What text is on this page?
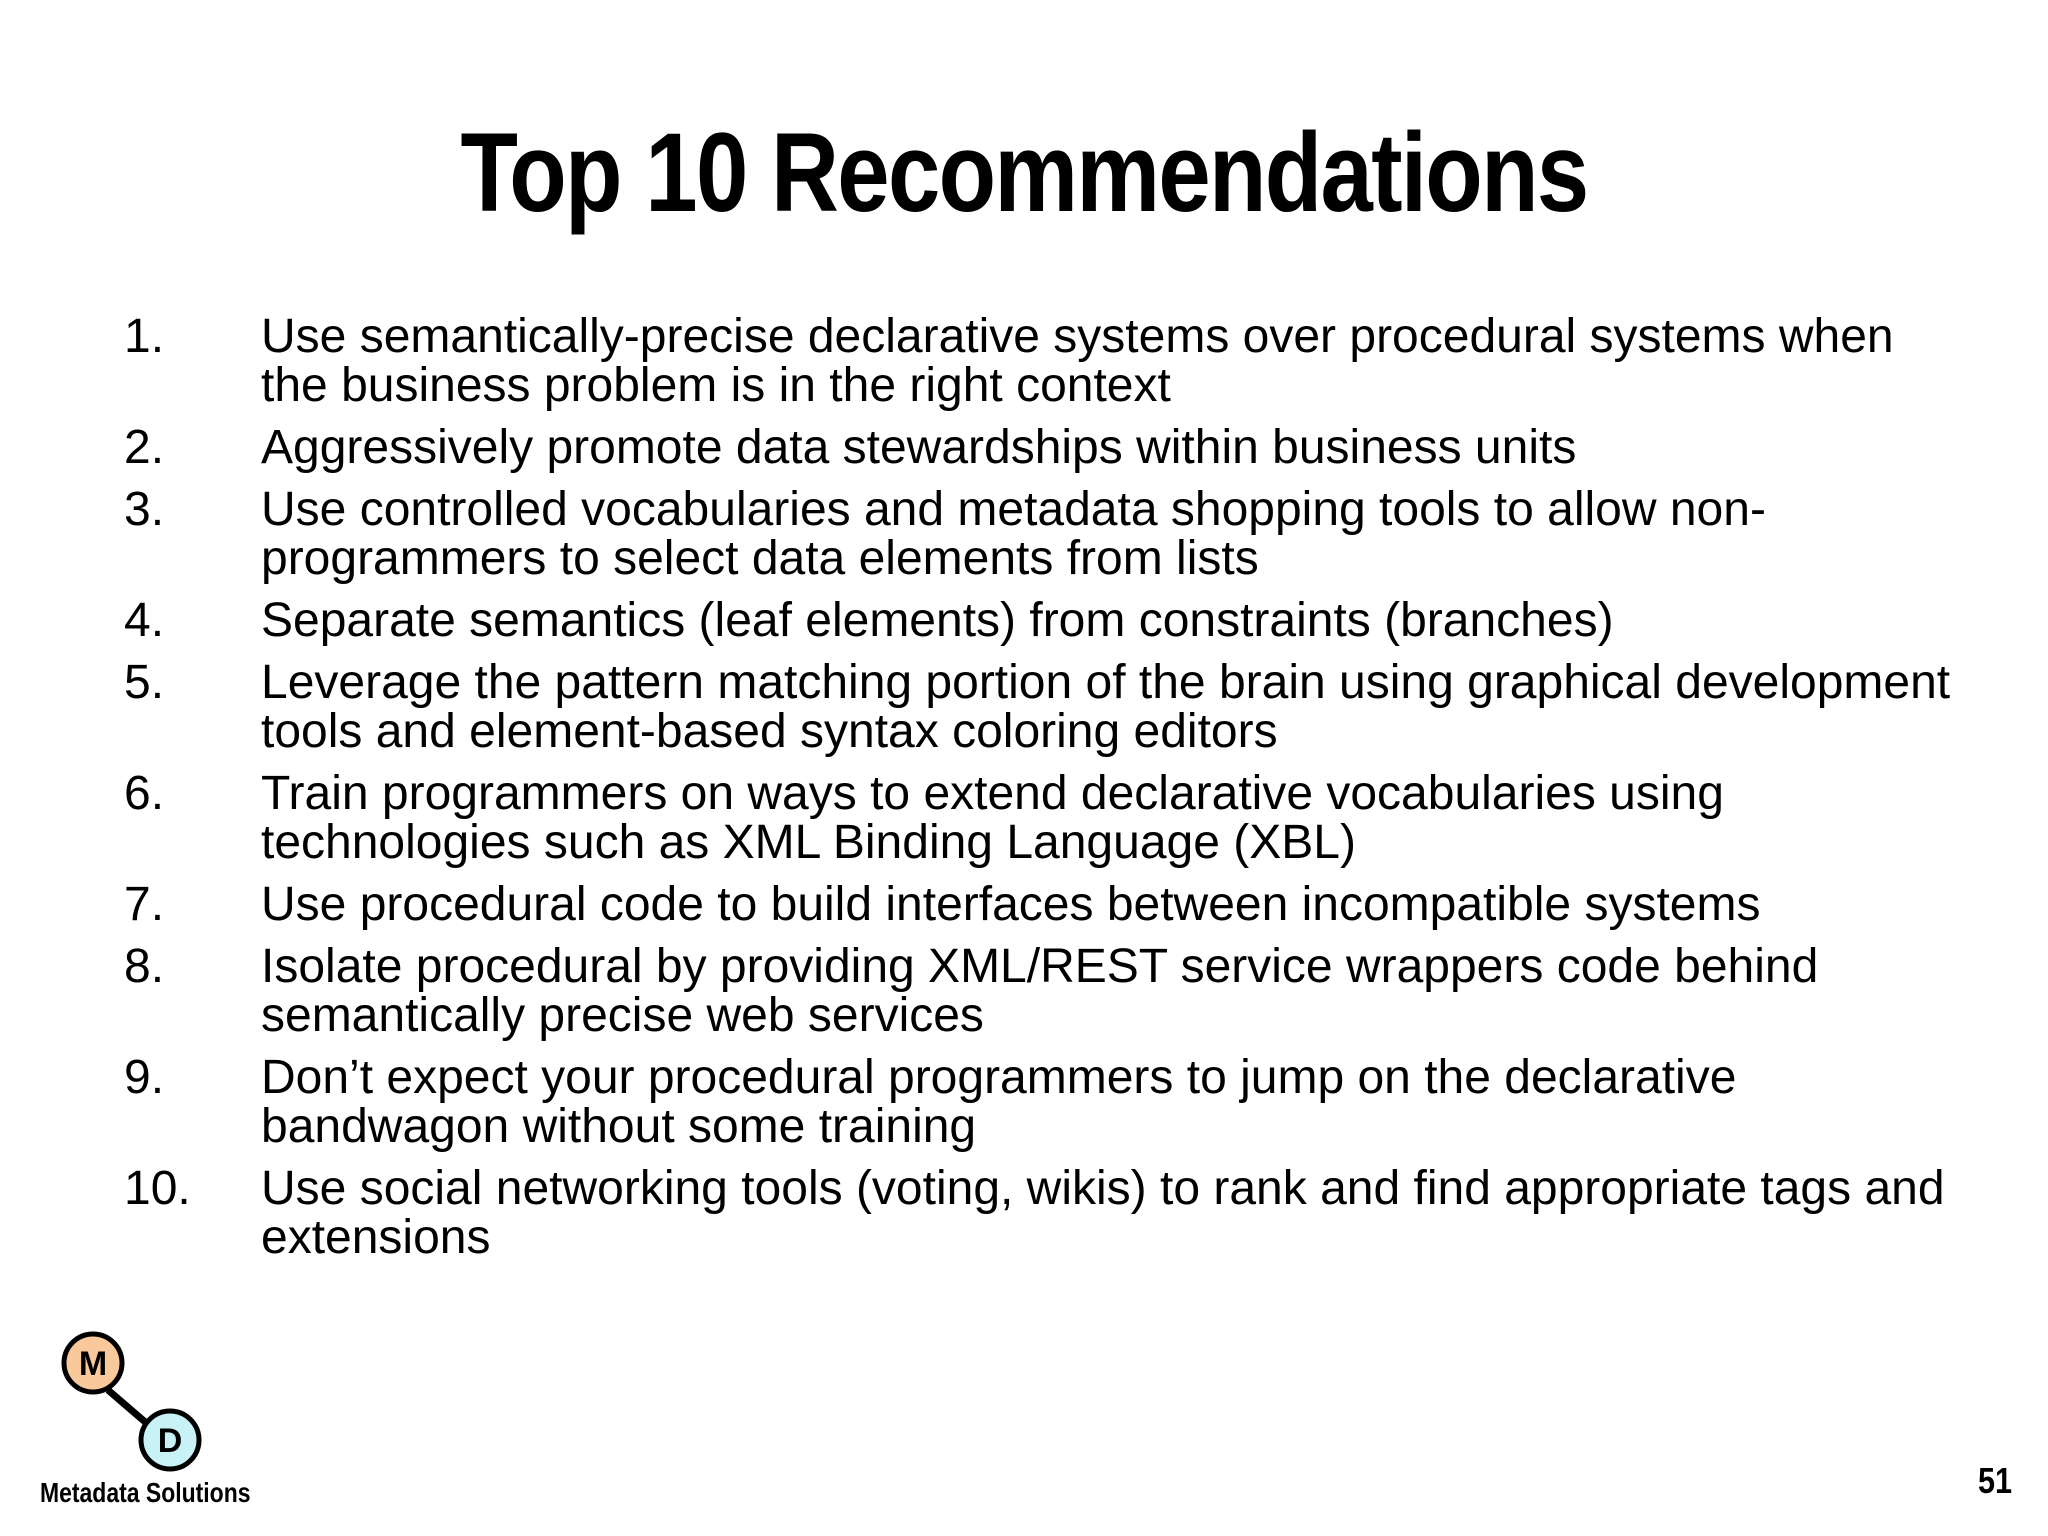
Top 10 Recommendations
1. Use semantically-precise declarative systems over procedural systems when the business problem is in the right context
2. Aggressively promote data stewardships within business units
3. Use controlled vocabularies and metadata shopping tools to allow non-programmers to select data elements from lists
4. Separate semantics (leaf elements) from constraints (branches)
5. Leverage the pattern matching portion of the brain using graphical development tools and element-based syntax coloring editors
6. Train programmers on ways to extend declarative vocabularies using technologies such as XML Binding Language (XBL)
7. Use procedural code to build interfaces between incompatible systems
8. Isolate procedural by providing XML/REST service wrappers code behind semantically precise web services
9. Don’t expect your procedural programmers to jump on the declarative bandwagon without some training
10. Use social networking tools (voting, wikis) to rank and find appropriate tags and extensions
M
D
Metadata Solutions	51
